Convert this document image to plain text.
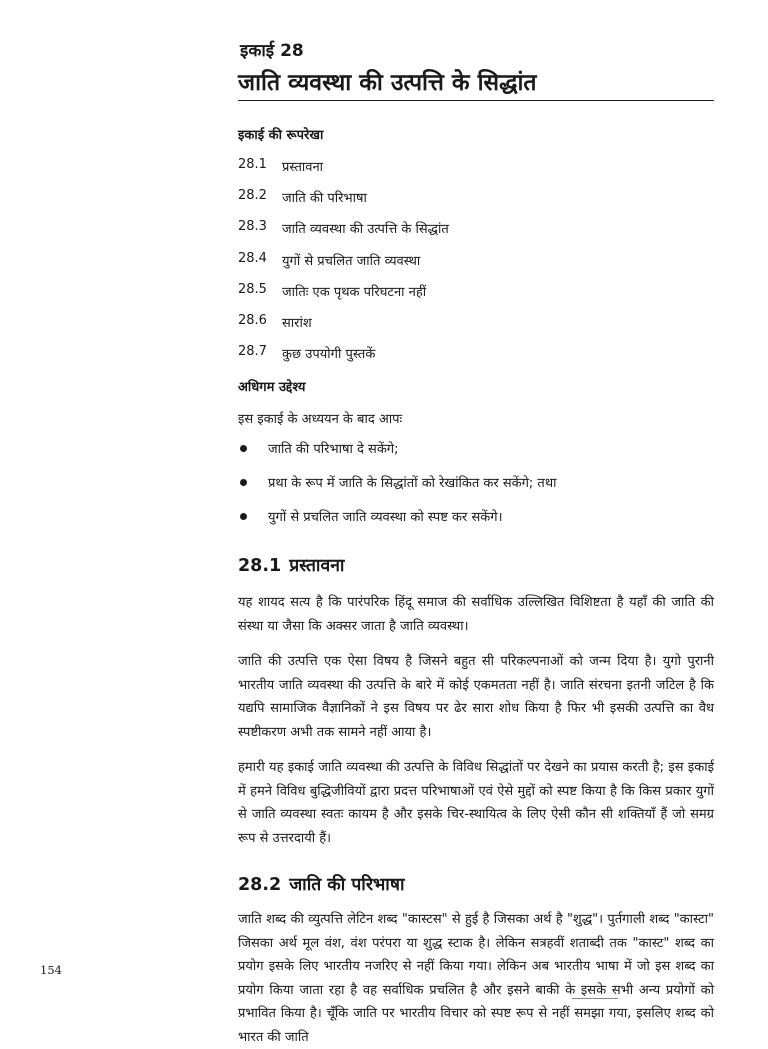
इकाई 28
जाति व्यवस्था की उत्पत्ति के सिद्धांत
इकाई की रूपरेखा
28.1	प्रस्तावना
28.2	जाति की परिभाषा
28.3	जाति व्यवस्था की उत्पत्ति के सिद्धांत
28.4	युगों से प्रचलित जाति व्यवस्था
28.5	जातिः एक पृथक परिघटना नहीं
28.6	सारांश
28.7	कुछ उपयोगी पुस्तकें
अधिगम उद्देश्य
इस इकाई के अध्ययन के बाद आपः
जाति की परिभाषा दे सकेंगे;
प्रथा के रूप में जाति के सिद्धांतों को रेखांकित कर सकेंगे; तथा
युगों से प्रचलित जाति व्यवस्था को स्पष्ट कर सकेंगे।
28.1 प्रस्तावना

यह शायद सत्य है कि पारंपरिक हिंदू समाज की सर्वाधिक उल्लिखित विशिष्टता है यहाँ की जाति की संस्था या जैसा कि अक्सर जाता है जाति व्यवस्था।

जाति की उत्पत्ति एक ऐसा विषय है जिसने बहुत सी परिकल्पनाओं को जन्म दिया है। युगो पुरानी भारतीय जाति व्यवस्था की उत्पत्ति के बारे में कोई एकमतता नहीं है। जाति संरचना इतनी जटिल है कि यद्यपि सामाजिक वैज्ञानिकों ने इस विषय पर ढेर सारा शोध किया है फिर भी इसकी उत्पत्ति का वैध स्पष्टीकरण अभी तक सामने नहीं आया है।

हमारी यह इकाई जाति व्यवस्था की उत्पत्ति के विविध सिद्धांतों पर देखने का प्रयास करती है; इस इकाई में हमने विविध बुद्धिजीवियों द्वारा प्रदत्त परिभाषाओं एवं ऐसे मुद्दों को स्पष्ट किया है कि किस प्रकार युगों से जाति व्यवस्था स्वतः कायम है और इसके चिर-स्थायित्व के लिए ऐसी कौन सी शक्तियाँ हैं जो समग्र रूप से उत्तरदायी हैं।

28.2 जाति की परिभाषा

जाति शब्द की व्युत्पत्ति लेटिन शब्द "कास्टस" से हुई है जिसका अर्थ है "शुद्ध"। पुर्तगाली शब्द "कास्टा" जिसका अर्थ मूल वंश, वंश परंपरा या शुद्ध स्टाक है। लेकिन सत्रहवीं शताब्दी तक "कास्ट" शब्द का प्रयोग इसके लिए भारतीय नजरिए से नहीं किया गया। लेकिन अब भारतीय भाषा में जो इस शब्द का प्रयोग किया जाता रहा है वह सर्वाधिक प्रचलित है और इसने बाकी के इसके सभी अन्य प्रयोगों को प्रभावित किया है। चूँकि जाति पर भारतीय विचार को स्पष्ट रूप से नहीं समझा गया, इसलिए शब्द को भारत की जाति

154
